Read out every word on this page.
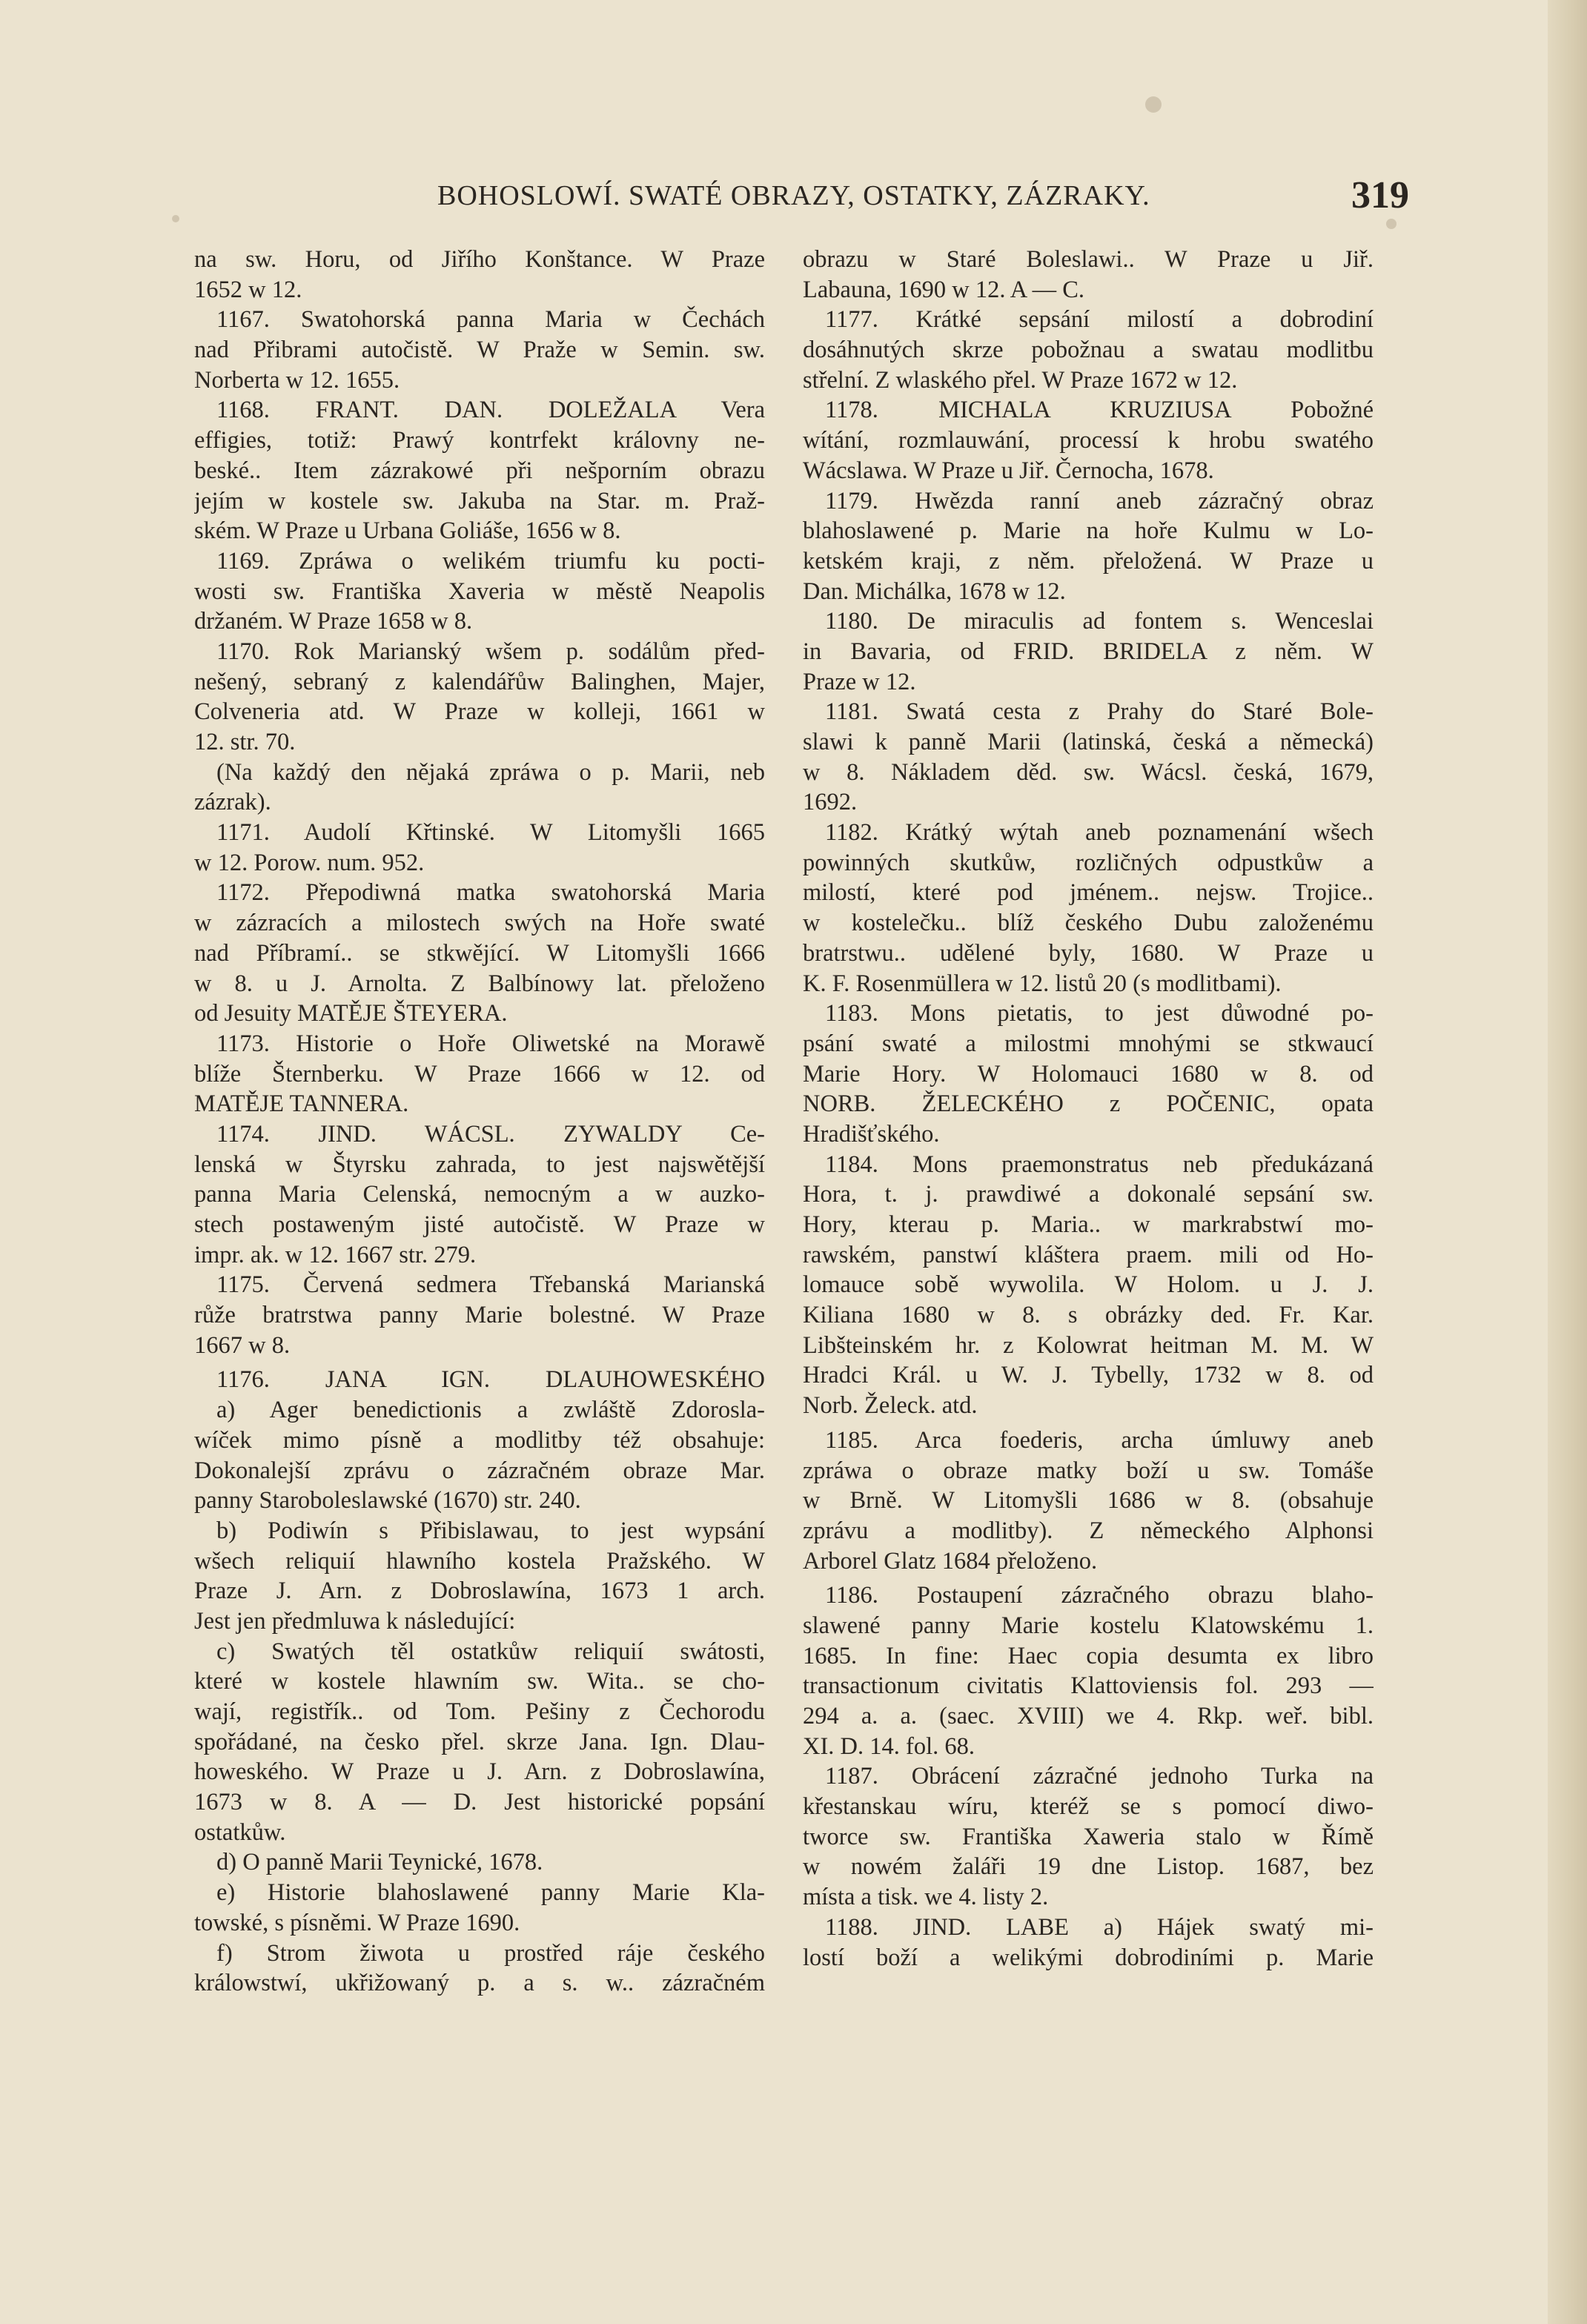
BOHOSLOWÍ. SWATÉ OBRAZY, OSTATKY, ZÁZRAKY.	319
na sw. Horu, od Jiřího Konštance. W Praze
1652 w 12.
1167. Swatohorská panna Maria w Čechách
nad Přibrami autočistě. W Praže w Semin. sw.
Norberta w 12. 1655.
1168. FRANT. DAN. DOLEŽALA Vera
effigies, totiž: Prawý kontrfekt královny ne-
beské.. Item zázrakowé při nešporním obrazu
jejím w kostele sw. Jakuba na Star. m. Praž-
ském. W Praze u Urbana Goliáše, 1656 w 8.
1169. Zpráwa o welikém triumfu ku pocti-
wosti sw. Františka Xaveria w městě Neapolis
držaném. W Praze 1658 w 8.
1170. Rok Marianský wšem p. sodálům před-
nešený, sebraný z kalendářůw Balinghen, Majer,
Colveneria atd. W Praze w kolleji, 1661 w
12. str. 70.
(Na každý den nějaká zpráwa o p. Marii, neb
zázrak).
1171. Audolí Křtinské. W Litomyšli 1665
w 12. Porow. num. 952.
1172. Přepodiwná matka swatohorská Maria
w zázracích a milostech swých na Hoře swaté
nad Příbramí.. se stkwějící. W Litomyšli 1666
w 8. u J. Arnolta. Z Balbínowy lat. přeloženo
od Jesuity MATĚJE ŠTEYERA.
1173. Historie o Hoře Oliwetské na Morawě
blíže Šternberku. W Praze 1666 w 12. od
MATĚJE TANNERA.
1174. JIND. WÁCSL. ZYWALDY Ce-
lenská w Štyrsku zahrada, to jest najswětější
panna Maria Celenská, nemocným a w auzko-
stech postaweným jisté autočistě. W Praze w
impr. ak. w 12. 1667 str. 279.
1175. Červená sedmera Třebanská Marianská
růže bratrstwa panny Marie bolestné. W Praze
1667 w 8.
1176. JANA IGN. DLAUHOWESKÉHO
a) Ager benedictionis a zwláště Zdorosla-
wíček mimo písně a modlitby též obsahuje:
Dokonalejší zprávu o zázračném obraze Mar.
panny Staroboleslawské (1670) str. 240.
b) Podiwín s Přibislawau, to jest wypsání
wšech reliquií hlawního kostela Pražského. W
Praze J. Arn. z Dobroslawína, 1673 1 arch.
Jest jen předmluwa k následující:
c) Swatých těl ostatkůw reliquií swátosti,
které w kostele hlawním sw. Wita.. se cho-
wají, registřík.. od Tom. Pešiny z Čechorodu
spořádané, na česko přel. skrze Jana. Ign. Dlau-
howeského. W Praze u J. Arn. z Dobroslawína,
1673 w 8. A — D. Jest historické popsání
ostatkůw.
d) O panně Marii Teynické, 1678.
e) Historie blahoslawené panny Marie Kla-
towské, s písněmi. W Praze 1690.
f) Strom žiwota u prostřed ráje českého
králowstwí, ukřižowaný p. a s. w.. zázračném
obrazu w Staré Boleslawi.. W Praze u Jiř.
Labauna, 1690 w 12. A — C.
1177. Krátké sepsání milostí a dobrodiní
dosáhnutých skrze pobožnau a swatau modlitbu
střelní. Z wlaského přel. W Praze 1672 w 12.
1178. MICHALA KRUZIUSA Pobožné
wítání, rozmlauwání, processí k hrobu swatého
Wácslawa. W Praze u Jiř. Černocha, 1678.
1179. Hwězda ranní aneb zázračný obraz
blahoslawené p. Marie na hoře Kulmu w Lo-
ketském kraji, z něm. přeložená. W Praze u
Dan. Michálka, 1678 w 12.
1180. De miraculis ad fontem s. Wenceslai
in Bavaria, od FRID. BRIDELA z něm. W
Praze w 12.
1181. Swatá cesta z Prahy do Staré Bole-
slawi k panně Marii (latinská, česká a německá)
w 8. Nákladem děd. sw. Wácsl. česká, 1679,
1692.
1182. Krátký wýtah aneb poznamenání wšech
powinných skutkůw, rozličných odpustkůw a
milostí, které pod jménem.. nejsw. Trojice..
w kostelečku.. blíž českého Dubu založenému
bratrstwu.. udělené byly, 1680. W Praze u
K. F. Rosenmüllera w 12. listů 20 (s modlitbami).
1183. Mons pietatis, to jest důwodné po-
psání swaté a milostmi mnohými se stkwaucí
Marie Hory. W Holomauci 1680 w 8. od
NORB. ŽELECKÉHO z POČENIC, opata
Hradišťského.
1184. Mons praemonstratus neb předukázaná
Hora, t. j. prawdiwé a dokonalé sepsání sw.
Hory, kterau p. Maria.. w markrabstwí mo-
rawském, panstwí kláštera praem. mili od Ho-
lomauce sobě wywolila. W Holom. u J. J.
Kiliana 1680 w 8. s obrázky ded. Fr. Kar.
Libšteinském hr. z Kolowrat heitman M. M. W
Hradci Král. u W. J. Tybelly, 1732 w 8. od
Norb. Želeck. atd.
1185. Arca foederis, archa úmluwy aneb
zpráwa o obraze matky boží u sw. Tomáše
w Brně. W Litomyšli 1686 w 8. (obsahuje
zprávu a modlitby). Z německého Alphonsi
Arborel Glatz 1684 přeloženo.
1186. Postaupení zázračného obrazu blaho-
slawené panny Marie kostelu Klatowskému 1.
1685. In fine: Haec copia desumta ex libro
transactionum civitatis Klattoviensis fol. 293 —
294 a. a. (saec. XVIII) we 4. Rkp. weř. bibl.
XI. D. 14. fol. 68.
1187. Obrácení zázračné jednoho Turka na
křestanskau wíru, kteréž se s pomocí diwo-
tworce sw. Františka Xaweria stalo w Římě
w nowém žaláři 19 dne Listop. 1687, bez
místa a tisk. we 4. listy 2.
1188. JIND. LABE a) Hájek swatý mi-
lostí boží a welikými dobrodiními p. Marie
